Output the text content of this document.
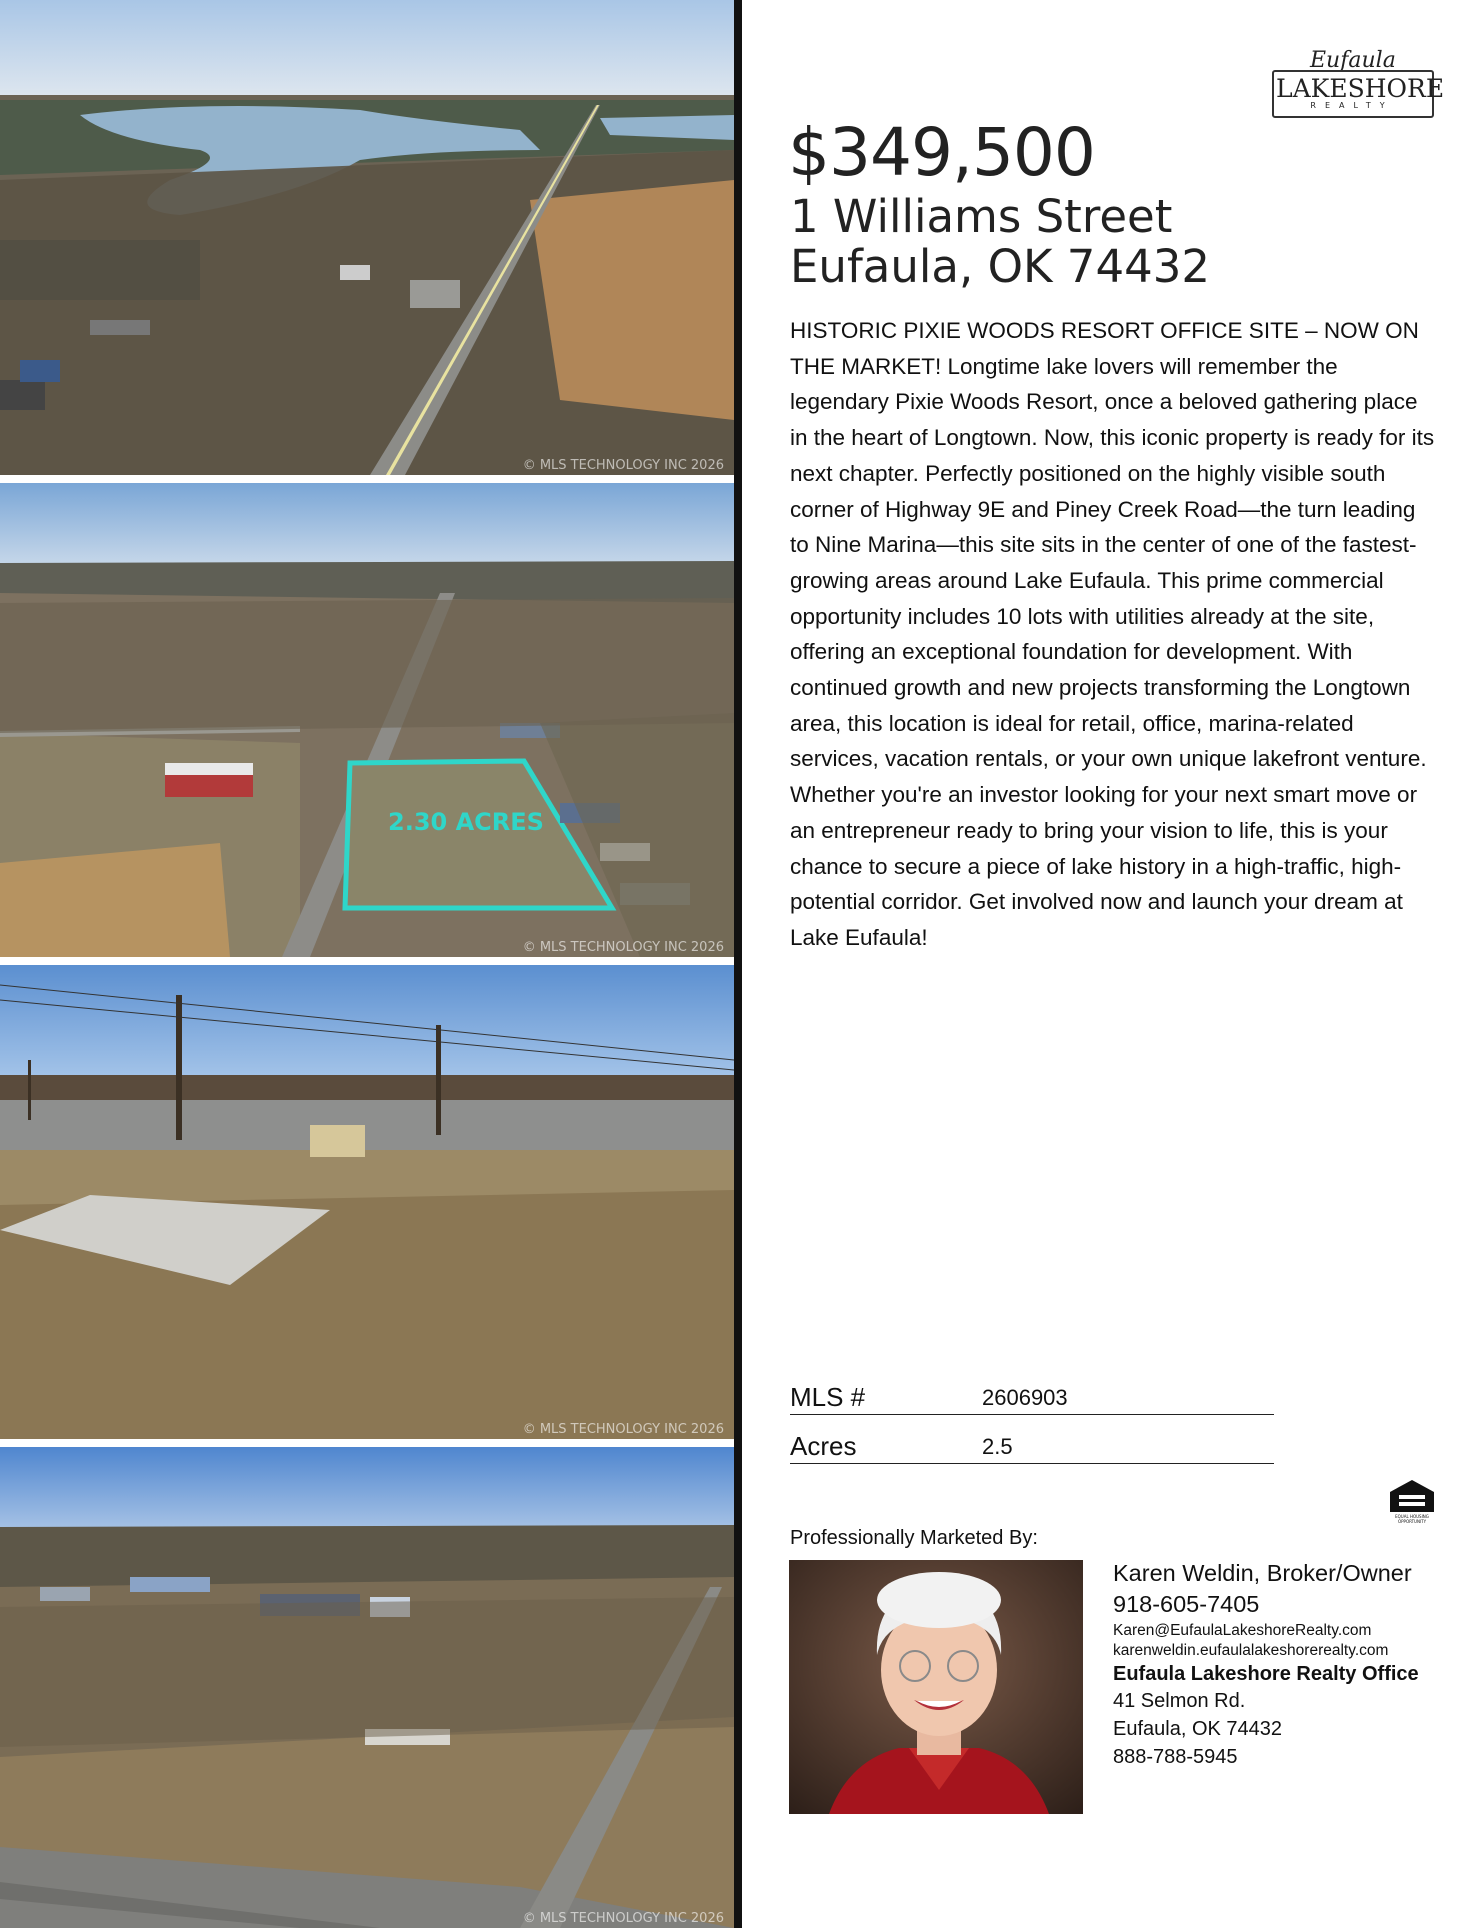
© MLS TECHNOLOGY INC 2026
2.30 ACRES
© MLS TECHNOLOGY INC 2026
© MLS TECHNOLOGY INC 2026
© MLS TECHNOLOGY INC 2026
Eufaula
LAKESHORE
REALTY
$349,500
1 Williams Street
Eufaula, OK 74432
HISTORIC PIXIE WOODS RESORT OFFICE SITE – NOW ON THE MARKET! Longtime lake lovers will remember the legendary Pixie Woods Resort, once a beloved gathering place in the heart of Longtown. Now, this iconic property is ready for its next chapter. Perfectly positioned on the highly visible south corner of Highway 9E and Piney Creek Road—the turn leading to Nine Marina—this site sits in the center of one of the fastest-growing areas around Lake Eufaula. This prime commercial opportunity includes 10 lots with utilities already at the site, offering an exceptional foundation for development. With continued growth and new projects transforming the Longtown area, this location is ideal for retail, office, marina-related services, vacation rentals, or your own unique lakefront venture. Whether you're an investor looking for your next smart move or an entrepreneur ready to bring your vision to life, this is your chance to secure a piece of lake history in a high-traffic, high-potential corridor. Get involved now and launch your dream at Lake Eufaula!
MLS #	2606903
Acres	2.5
EQUAL HOUSING
OPPORTUNITY
Professionally Marketed By:
Karen Weldin, Broker/Owner
918-605-7405
Karen@EufaulaLakeshoreRealty.com
karenweldin.eufaulalakeshorerealty.com
Eufaula Lakeshore Realty Office
41 Selmon Rd.
Eufaula, OK 74432
888-788-5945
